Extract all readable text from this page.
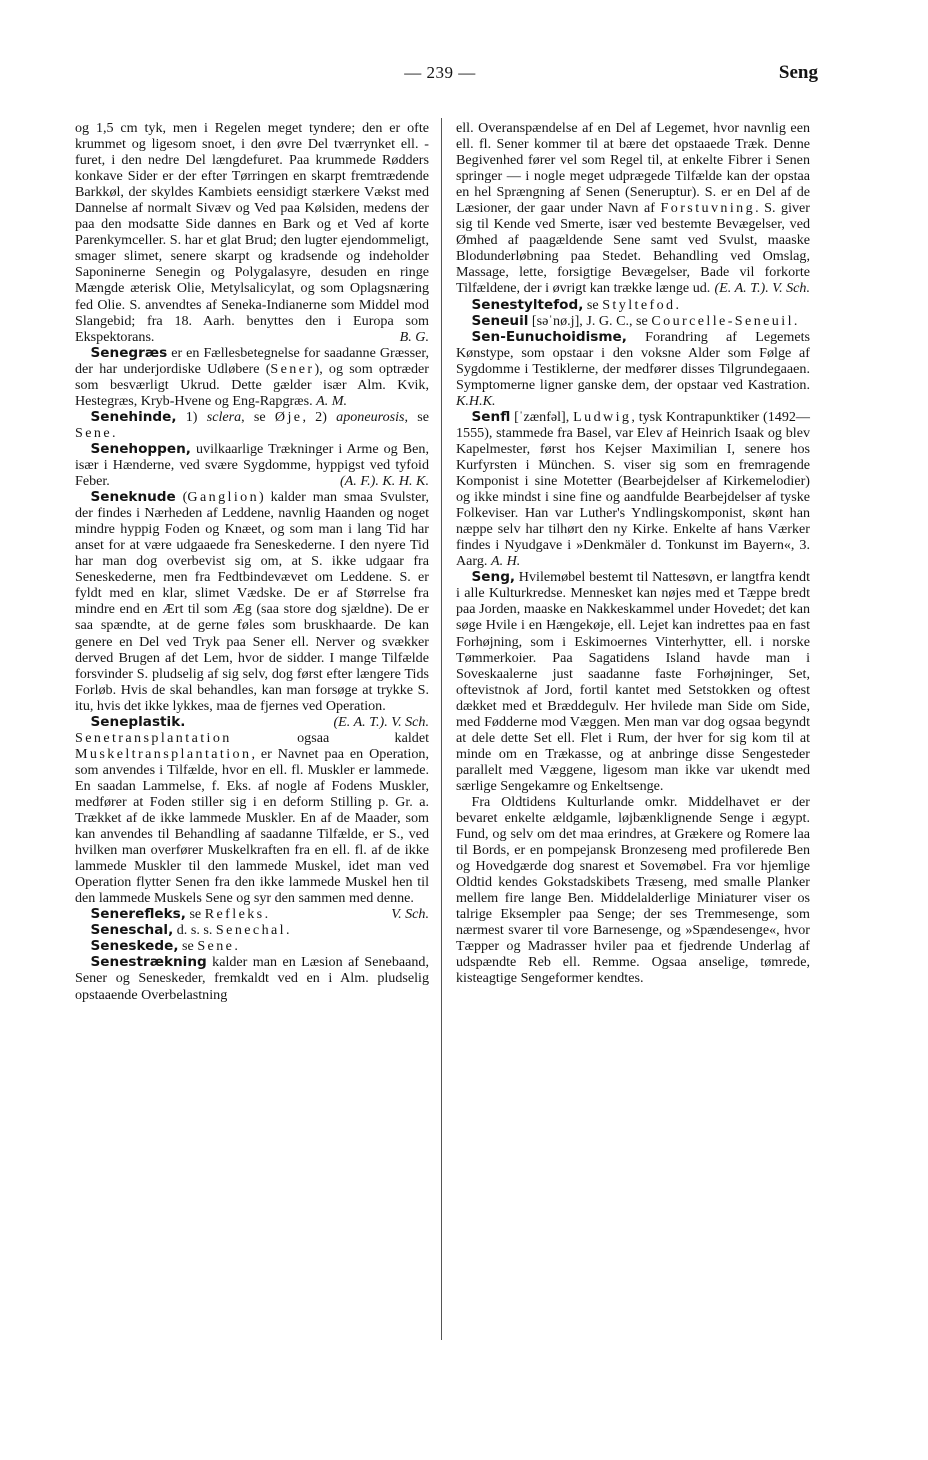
— 239 —	Seng

og 1,5 cm tyk, men i Regelen meget tyndere; den er ofte krummet og ligesom snoet, i den øvre Del tværrynket ell. -furet, i den nedre Del længdefuret. Paa krummede Rødders konkave Sider er der efter Tørringen en skarpt fremtrædende Barkkøl, der skyldes Kambiets eensidigt stærkere Vækst med Dannelse af normalt Sivæv og Ved paa Kølsiden, medens der paa den modsatte Side dannes en Bark og et Ved af korte Parenkymceller. S. har et glat Brud; den lugter ejendommeligt, smager slimet, senere skarpt og kradsende og indeholder Saponinerne Senegin og Polygalasyre, desuden en ringe Mængde æterisk Olie, Metylsalicylat, og som Oplagsnæring fed Olie. S. anvendtes af Seneka-Indianerne som Middel mod Slangebid; fra 18. Aarh. benyttes den i Europa som Ekspektorans.	B. G.

Senegræs er en Fællesbetegnelse for saadanne Græsser, der har underjordiske Udløbere (Sener), og som optræder som besværligt Ukrud. Dette gælder især Alm. Kvik, Hestegræs, Kryb-Hvene og Eng-Rapgræs. A. M.

Senehinde, 1) sclera, se Øje, 2) aponeurosis, se Sene.

Senehoppen, uvilkaarlige Trækninger i Arme og Ben, især i Hænderne, ved svære Sygdomme, hyppigst ved tyfoid Feber.	(A. F.). K. H. K.

Seneknude (Ganglion) kalder man smaa Svulster, der findes i Nærheden af Leddene, navnlig Haanden og noget mindre hyppig Foden og Knæet, og som man i lang Tid har anset for at være udgaaede fra Seneskederne. I den nyere Tid har man dog overbevist sig om, at S. ikke udgaar fra Seneskederne, men fra Fedtbindevævet om Leddene. S. er fyldt med en klar, slimet Vædske. De er af Størrelse fra mindre end en Ært til som Æg (saa store dog sjældne). De er saa spændte, at de gerne føles som bruskhaarde. De kan genere en Del ved Tryk paa Sener ell. Nerver og svækker derved Brugen af det Lem, hvor de sidder. I mange Tilfælde forsvinder S. pludselig af sig selv, dog først efter længere Tids Forløb. Hvis de skal behandles, kan man forsøge at trykke S. itu, hvis det ikke lykkes, maa de fjernes ved Operation.
(E. A. T.). V. Sch.

Seneplastik. Senetransplantation ogsaa kaldet Muskeltransplantation, er Navnet paa en Operation, som anvendes i Tilfælde, hvor en ell. fl. Muskler er lammede. En saadan Lammelse, f. Eks. af nogle af Fodens Muskler, medfører at Foden stiller sig i en deform Stilling p. Gr. a. Trækket af de ikke lammede Muskler. En af de Maader, som kan anvendes til Behandling af saadanne Tilfælde, er S., ved hvilken man overfører Muskelkraften fra en ell. fl. af de ikke lammede Muskler til den lammede Muskel, idet man ved Operation flytter Senen fra den ikke lammede Muskel hen til den lammede Muskels Sene og syr den sammen med denne.
V. Sch.

Senerefleks, se Refleks.

Seneschal, d. s. s. Senechal.

Seneskede, se Sene.

Senestrækning kalder man en Læsion af Senebaand, Sener og Seneskeder, fremkaldt ved en i Alm. pludselig opstaaende Overbelastning

ell. Overanspændelse af en Del af Legemet, hvor navnlig een ell. fl. Sener kommer til at bære det opstaaede Træk. Denne Begivenhed fører vel som Regel til, at enkelte Fibrer i Senen springer — i nogle meget udprægede Tilfælde kan der opstaa en hel Sprængning af Senen (Seneruptur). S. er en Del af de Læsioner, der gaar under Navn af Forstuvning. S. giver sig til Kende ved Smerte, især ved bestemte Bevægelser, ved Ømhed af paagældende Sene samt ved Svulst, maaske Blodunderløbning paa Stedet. Behandling ved Omslag, Massage, lette, forsigtige Bevægelser, Bade vil forkorte Tilfældene, der i øvrigt kan trække længe ud. (E. A. T.). V. Sch.

Senestyltefod, se Styltefod.

Seneuil [səˈnø.j], J. G. C., se Courcelle-Seneuil.

Sen-Eunuchoidisme, Forandring af Legemets Kønstype, som opstaar i den voksne Alder som Følge af Sygdomme i Testiklerne, der medfører disses Tilgrundegaaen. Symptomerne ligner ganske dem, der opstaar ved Kastration. K.H.K.

Senfl [ˈzænfəl], Ludwig, tysk Kontrapunktiker (1492—1555), stammede fra Basel, var Elev af Heinrich Isaak og blev Kapelmester, først hos Kejser Maximilian I, senere hos Kurfyrsten i München. S. viser sig som en fremragende Komponist i sine Motetter (Bearbejdelser af Kirkemelodier) og ikke mindst i sine fine og aandfulde Bearbejdelser af tyske Folkeviser. Han var Luther's Yndlingskomponist, skønt han næppe selv har tilhørt den ny Kirke. Enkelte af hans Værker findes i Nyudgave i »Denkmäler d. Tonkunst im Bayern«, 3. Aarg. A. H.

Seng, Hvilemøbel bestemt til Nattesøvn, er langtfra kendt i alle Kulturkredse. Mennesket kan nøjes med et Tæppe bredt paa Jorden, maaske en Nakkeskammel under Hovedet; det kan søge Hvile i en Hængekøje, ell. Lejet kan indrettes paa en fast Forhøjning, som i Eskimoernes Vinterhytter, ell. i norske Tømmerkoier. Paa Sagatidens Island havde man i Soveskaalerne just saadanne faste Forhøjninger, Set, oftevistnok af Jord, fortil kantet med Setstokken og oftest dækket med et Bræddegulv. Her hvilede man Side om Side, med Fødderne mod Væggen. Men man var dog ogsaa begyndt at dele dette Set ell. Flet i Rum, der hver for sig kom til at minde om en Trækasse, og at anbringe disse Sengesteder parallelt med Væggene, ligesom man ikke var ukendt med særlige Sengekamre og Enkeltsenge.

Fra Oldtidens Kulturlande omkr. Middelhavet er der bevaret enkelte ældgamle, løjbænklignende Senge i ægypt. Fund, og selv om det maa erindres, at Grækere og Romere laa til Bords, er en pompejansk Bronzeseng med profilerede Ben og Hovedgærde dog snarest et Sovemøbel. Fra vor hjemlige Oldtid kendes Gokstadskibets Træseng, med smalle Planker mellem fire lange Ben. Middelalderlige Miniaturer viser os talrige Eksempler paa Senge; der ses Tremmesenge, som nærmest svarer til vore Barnesenge, og »Spændesenge«, hvor Tæpper og Madrasser hviler paa et fjedrende Underlag af udspændte Reb ell. Remme. Ogsaa anselige, tømrede, kisteagtige Sengeformer kendtes.
